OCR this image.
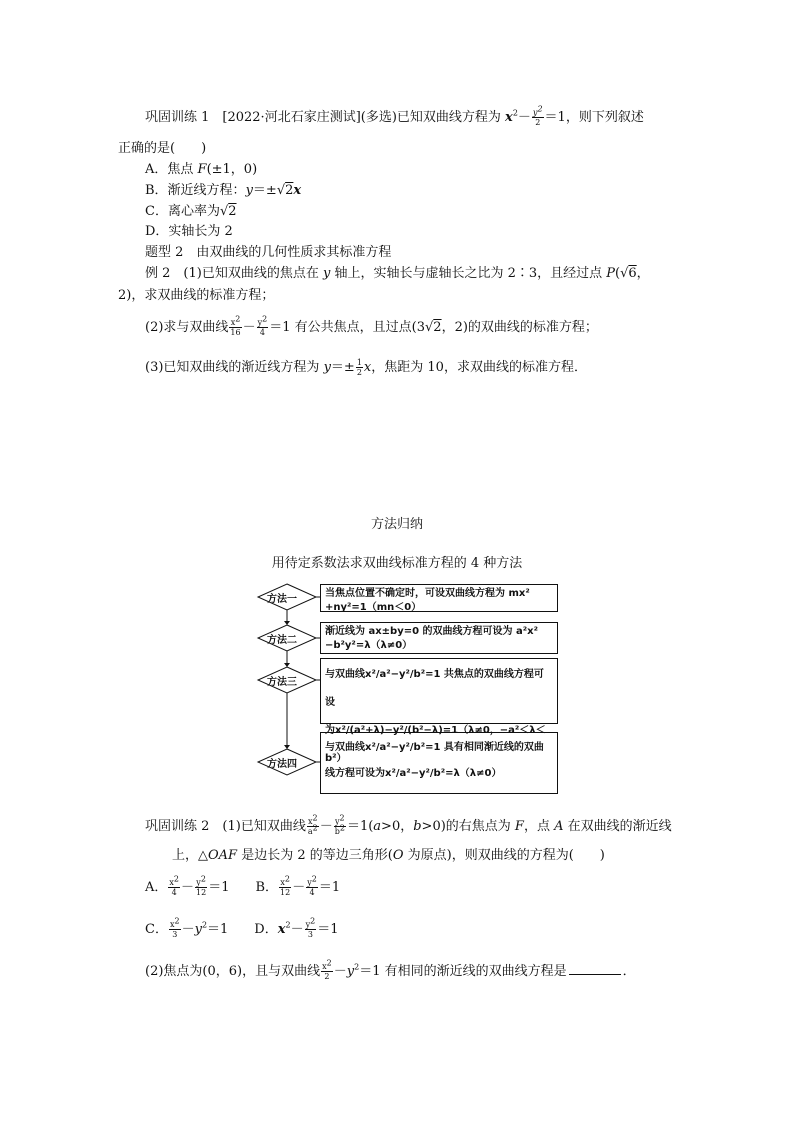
巩固训练 1　[2022·河北石家庄测试](多选)已知双曲线方程为 $x^2- \frac{y^2}{2} =1$，则下列叙述
正确的是(　　)
A．焦点 F(±1，0)
B．渐近线方程：y＝±√2x
C．离心率为√2
D．实轴长为 2
题型 2　由双曲线的几何性质求其标准方程
例 2　(1)已知双曲线的焦点在 y 轴上，实轴长与虚轴长之比为 2∶3，且经过点 P(√6，
2)，求双曲线的标准方程；
(2)求与双曲线 $\frac{x^2}{16} - \frac{y^2}{4} =1$ 有公共焦点，且过点(3√2，2)的双曲线的标准方程；
(3)已知双曲线的渐近线方程为 $y=\pm \frac{1}{2}$ x，焦距为 10，求双曲线的标准方程．
方法归纳
用待定系数法求双曲线标准方程的 4 种方法
方法一
方法二
方法三
方法四
当焦点位置不确定时，可设双曲线方程为 mx²
+ny²=1（mn＜0）
渐近线为 ax±by=0 的双曲线方程可设为 a²x²
−b²y²=λ（λ≠0）
与双曲线x²/a²−y²/b²=1 共焦点的双曲线方程可设
为x²/(a²+λ)−y²/(b²−λ)=1（λ≠0，−a²＜λ＜b²）
与双曲线x²/a²−y²/b²=1 具有相同渐近线的双曲
线方程可设为x²/a²−y²/b²=λ（λ≠0）
巩固训练 2　(1)已知双曲线 $\frac{x^2}{a^2} - \frac{y^2}{b^2} =1(a>0$，b>0)的右焦点为 F，点 A 在双曲线的渐近线
上，△OAF 是边长为 2 的等边三角形(O 为原点)，则双曲线的方程为(　　)
A． $\frac{x^2}{4} - \frac{y^2}{12} =1$　　B． $\frac{x^2}{12} - \frac{y^2}{4} =1$
C． $\frac{x^2}{3} -y^2=1$　　D．$x^2- \frac{y^2}{3} =1$
(2)焦点为(0，6)，且与双曲线 $\frac{x^2}{2} -y^2=1$ 有相同的渐近线的双曲线方程是	．
